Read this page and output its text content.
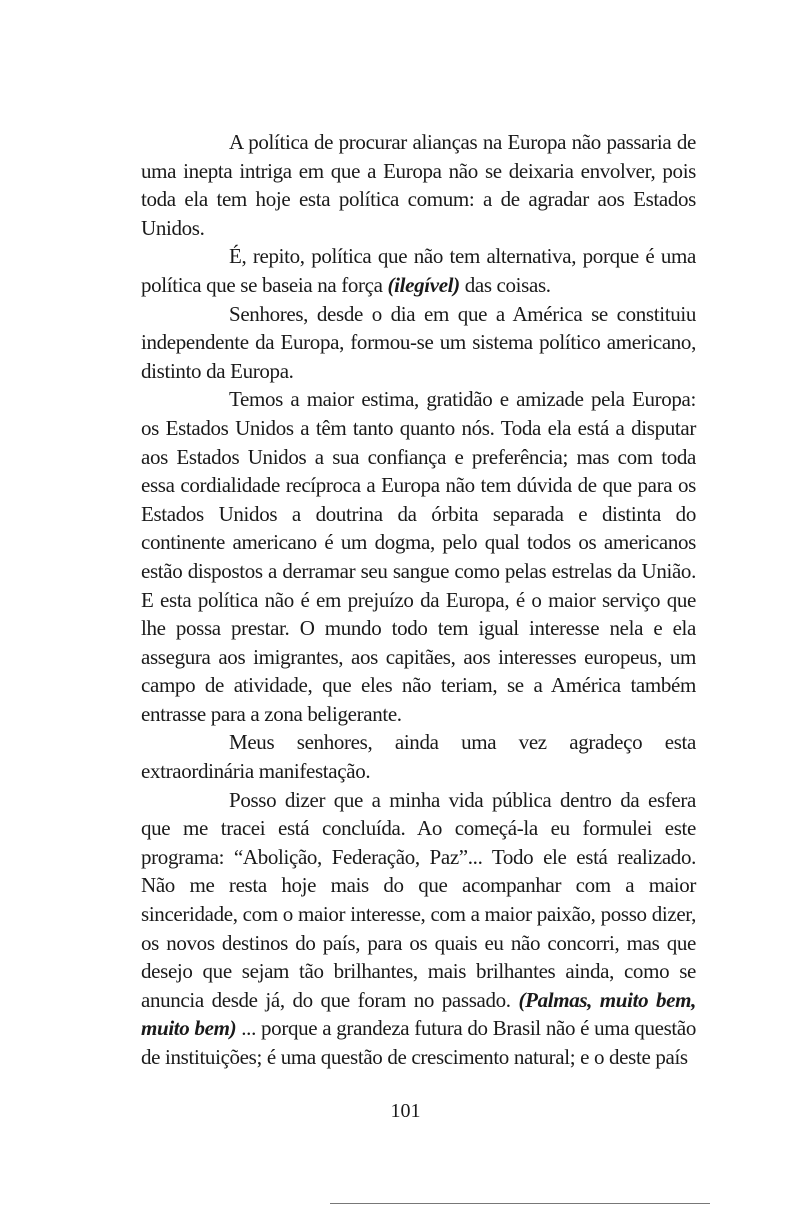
A política de procurar alianças na Europa não passaria de uma inepta intriga em que a Europa não se deixaria envolver, pois toda ela tem hoje esta política comum: a de agradar aos Estados Unidos.

É, repito, política que não tem alternativa, porque é uma política que se baseia na força (ilegível) das coisas.

Senhores, desde o dia em que a América se constituiu independente da Europa, formou-se um sistema político americano, distinto da Europa.

Temos a maior estima, gratidão e amizade pela Europa: os Estados Unidos a têm tanto quanto nós. Toda ela está a disputar aos Estados Unidos a sua confiança e preferência; mas com toda essa cordialidade recíproca a Europa não tem dúvida de que para os Estados Unidos a doutrina da órbita separada e distinta do continente americano é um dogma, pelo qual todos os americanos estão dispostos a derramar seu sangue como pelas estrelas da União. E esta política não é em prejuízo da Europa, é o maior serviço que lhe possa prestar. O mundo todo tem igual interesse nela e ela assegura aos imigrantes, aos capitães, aos interesses europeus, um campo de atividade, que eles não teriam, se a América também entrasse para a zona beligerante.

Meus senhores, ainda uma vez agradeço esta extraordinária manifestação.

Posso dizer que a minha vida pública dentro da esfera que me tracei está concluída. Ao começá-la eu formulei este programa: “Abolição, Federação, Paz”... Todo ele está realizado. Não me resta hoje mais do que acompanhar com a maior sinceridade, com o maior interesse, com a maior paixão, posso dizer, os novos destinos do país, para os quais eu não concorri, mas que desejo que sejam tão brilhantes, mais brilhantes ainda, como se anuncia desde já, do que foram no passado. (Palmas, muito bem, muito bem) ... porque a grandeza futura do Brasil não é uma questão de instituições; é uma questão de crescimento natural; e o deste país

101
